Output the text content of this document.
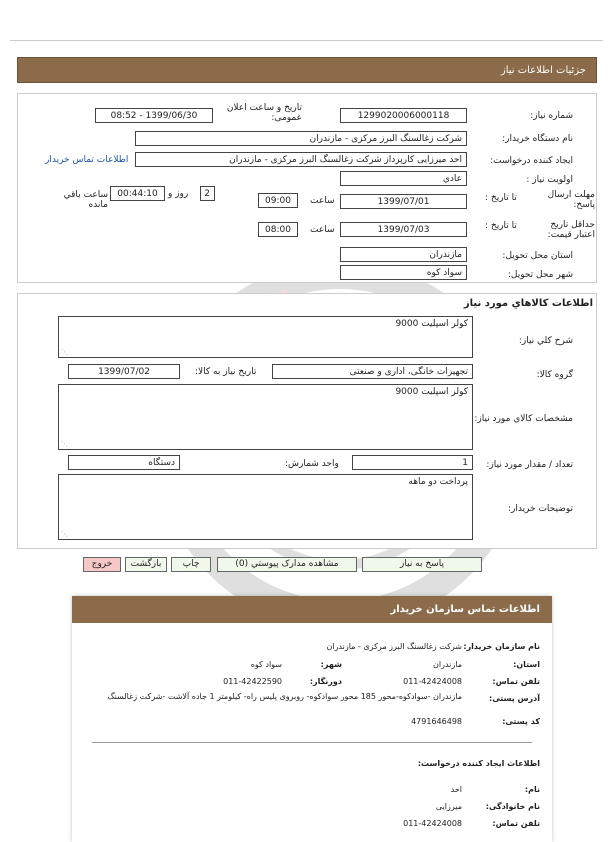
جزئیات اطلاعات نیاز
شماره نیاز:
1299020006000118
تاریخ و ساعت اعلان عمومی:
1399/06/30 - 08:52
نام دستگاه خریدار:
شرکت زغالسنگ البرز مرکزی - مازندران
ایجاد کننده درخواست:
احد میرزایی کارپرداز شرکت زغالسنگ البرز مرکزی - مازندران
اطلاعات تماس خریدار
اولویت نیاز :
عادي
مهلت ارسال پاسخ:
تا تاریخ :
1399/07/01
ساعت
09:00
2
روز و
00:44:10
ساعت باقي مانده
حداقل تاریخ اعتبار قیمت:
تا تاریخ :
1399/07/03
ساعت
08:00
استان محل تحویل:
مازندران
شهر محل تحویل:
سواد کوه
اطلاعات کالاهاي مورد نياز
شرح کلي نياز:
کولر اسپلیت 9000
⋰
گروه کالا:
تجهیزات خانگی، اداری و صنعتی
تاريخ نياز به کالا:
1399/07/02
مشخصات کالاي مورد نياز:
کولر اسپلیت 9000
⋰
تعداد / مقدار مورد نياز:
1
واحد شمارش:
دستگاه
توضيحات خريدار:
پرداخت دو ماهه
⋰
پاسخ به نیاز
مشاهده مدارک پیوستي (0)
چاپ
بازگشت
خروج
اطلاعات تماس سازمان خریدار
نام سازمان خریدار:
شرکت زغالسنگ البرز مرکزی - مازندران
استان:
مازندران
شهر:
سواد کوه
تلفن تماس:
011-42424008
دورنگار:
011-42422590
آدرس پستی:
مازندران -سوادکوه-محور 185 محور سوادکوه- روبروی پلیس راه- کیلومتر 1 جاده آلاشت -شرکت زغالسنگ
کد پستی:
4791646498
اطلاعات ایجاد کننده درخواست:
نام:
احد
نام خانوادگی:
میرزایی
تلفن تماس:
011-42424008
